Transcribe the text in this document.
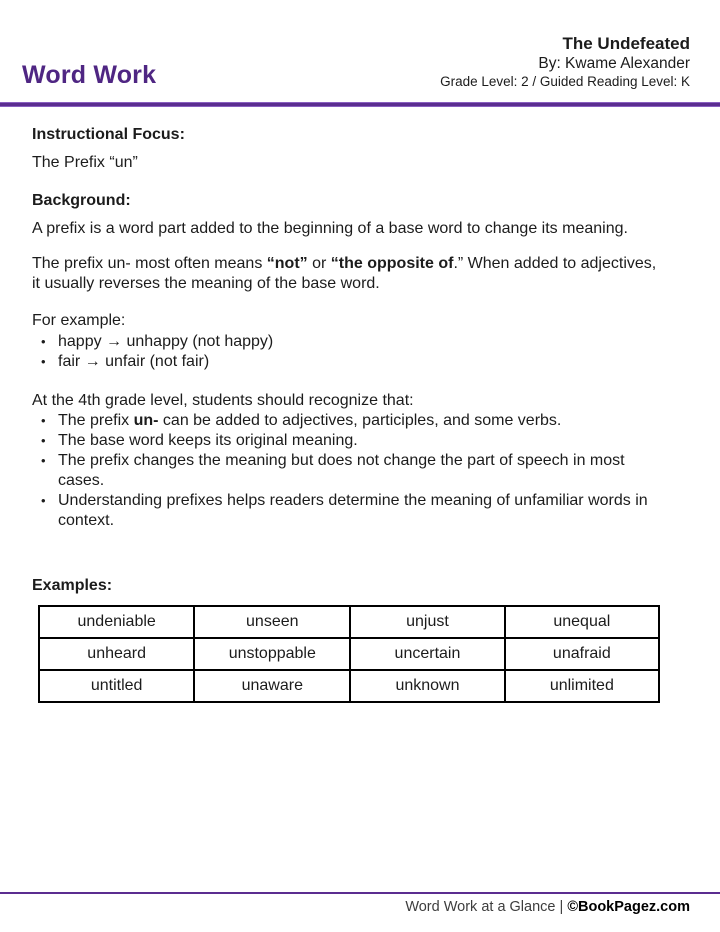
Word Work
The Undefeated
By: Kwame Alexander
Grade Level: 2 / Guided Reading Level: K
Instructional Focus:

The Prefix “un”

Background:

A prefix is a word part added to the beginning of a base word to change its meaning.

The prefix un- most often means “not” or “the opposite of.” When added to adjectives, it usually reverses the meaning of the base word.

For example:

• happy → unhappy (not happy)
• fair → unfair (not fair)

At the 4th grade level, students should recognize that:

• The prefix un- can be added to adjectives, participles, and some verbs.
• The base word keeps its original meaning.
• The prefix changes the meaning but does not change the part of speech in most cases.
• Understanding prefixes helps readers determine the meaning of unfamiliar words in context.
Examples:
undeniable	unseen	unjust	unequal
unheard	unstoppable	uncertain	unafraid
untitled	unaware	unknown	unlimited
Word Work at a Glance | ©BookPagez.com
